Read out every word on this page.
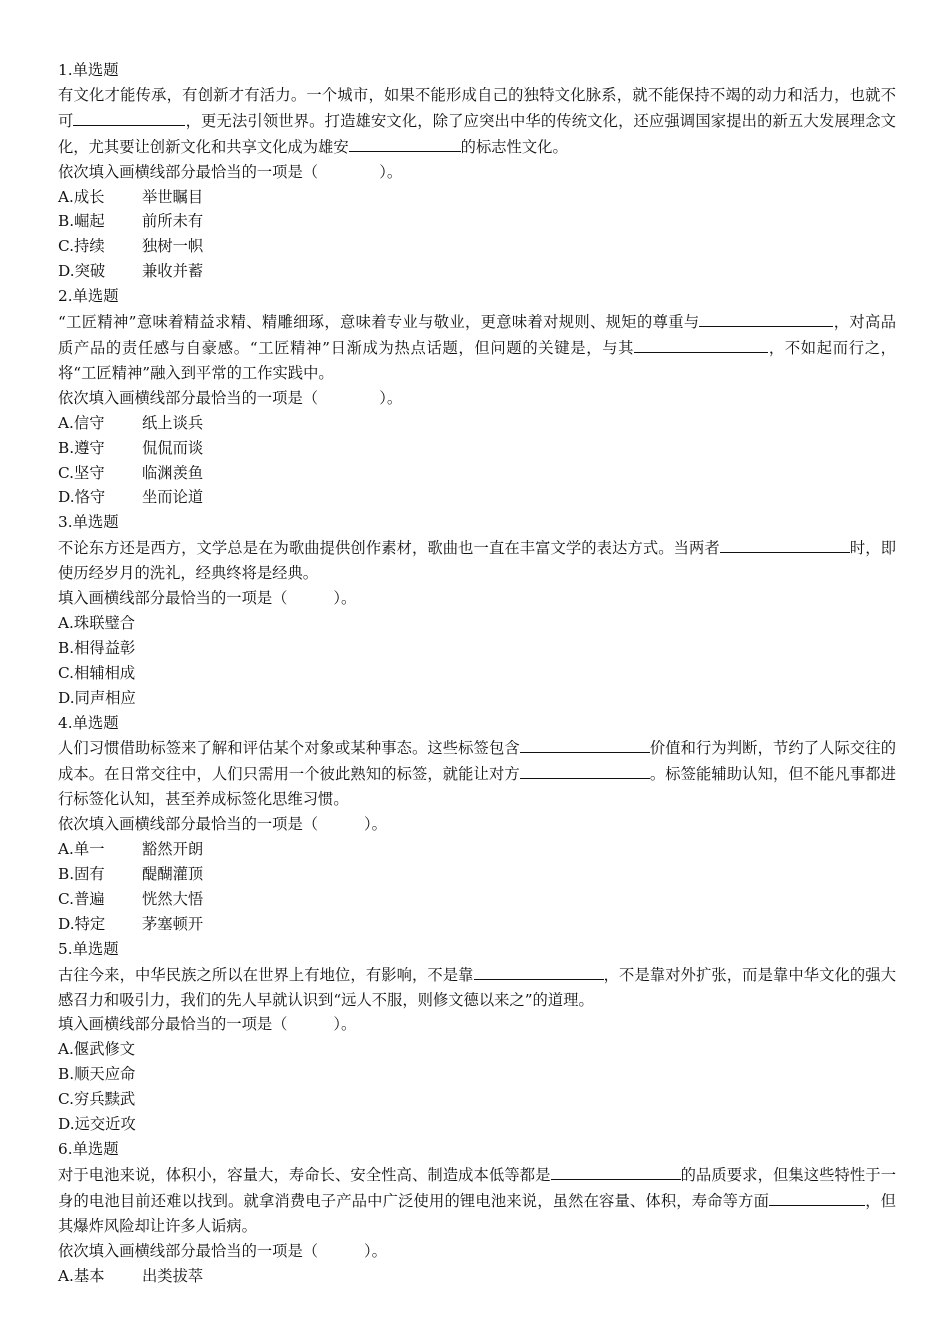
1.单选题

有文化才能传承，有创新才有活力。一个城市，如果不能形成自己的独特文化脉系，就不能保持不竭的动力和活力，也就不可	，更无法引领世界。打造雄安文化，除了应突出中华的传统文化，还应强调国家提出的新五大发展理念文化，尤其要让创新文化和共享文化成为雄安	的标志性文化。

依次填入画横线部分最恰当的一项是（　　　　）。

A.成长 举世瞩目

B.崛起 前所未有

C.持续 独树一帜

D.突破 兼收并蓄

2.单选题

“工匠精神”意味着精益求精、精雕细琢，意味着专业与敬业，更意味着对规则、规矩的尊重与	，对高品质产品的责任感与自豪感。“工匠精神”日渐成为热点话题，但问题的关键是，与其	，不如起而行之，将“工匠精神”融入到平常的工作实践中。

依次填入画横线部分最恰当的一项是（　　　　）。

A.信守 纸上谈兵

B.遵守 侃侃而谈

C.坚守 临渊羡鱼

D.恪守 坐而论道

3.单选题

不论东方还是西方，文学总是在为歌曲提供创作素材，歌曲也一直在丰富文学的表达方式。当两者	时，即使历经岁月的洗礼，经典终将是经典。

填入画横线部分最恰当的一项是（　　　）。

A.珠联璧合

B.相得益彰

C.相辅相成

D.同声相应

4.单选题

人们习惯借助标签来了解和评估某个对象或某种事态。这些标签包含	价值和行为判断，节约了人际交往的成本。在日常交往中，人们只需用一个彼此熟知的标签，就能让对方	。标签能辅助认知，但不能凡事都进行标签化认知，甚至养成标签化思维习惯。

依次填入画横线部分最恰当的一项是（　　　）。

A.单一 豁然开朗

B.固有 醍醐灌顶

C.普遍 恍然大悟

D.特定 茅塞顿开

5.单选题

古往今来，中华民族之所以在世界上有地位，有影响，不是靠	，不是靠对外扩张，而是靠中华文化的强大感召力和吸引力，我们的先人早就认识到“远人不服，则修文德以来之”的道理。

填入画横线部分最恰当的一项是（　　　）。

A.偃武修文

B.顺天应命

C.穷兵黩武

D.远交近攻

6.单选题

对于电池来说，体积小，容量大，寿命长、安全性高、制造成本低等都是	的品质要求，但集这些特性于一身的电池目前还难以找到。就拿消费电子产品中广泛使用的锂电池来说，虽然在容量、体积，寿命等方面	，但其爆炸风险却让许多人诟病。

依次填入画横线部分最恰当的一项是（　　　）。

A.基本 出类拔萃
